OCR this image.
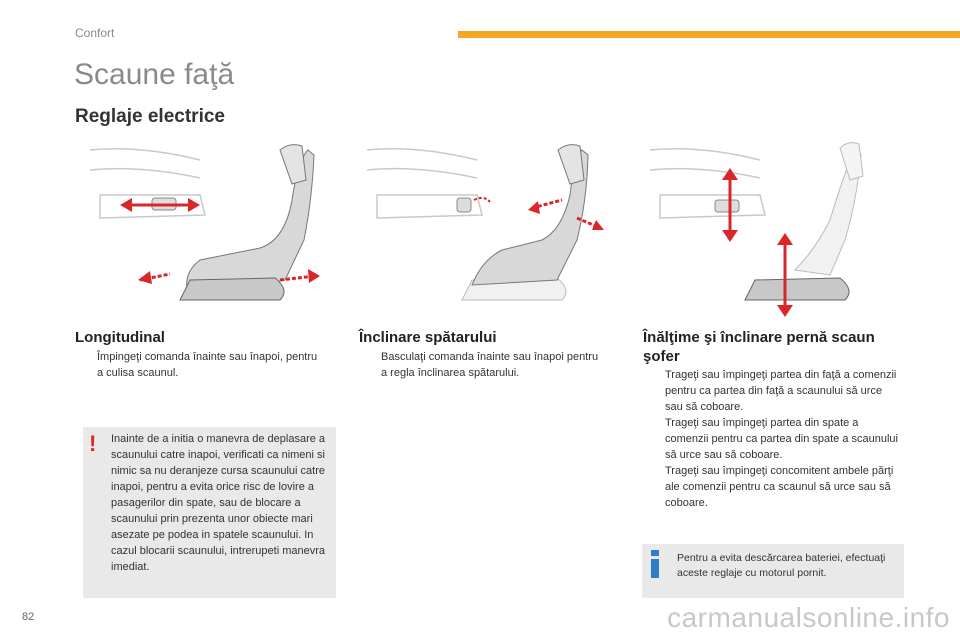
Confort
Scaune faţă
Reglaje electrice
Longitudinal
Împingeţi comanda înainte sau înapoi, pentru a culisa scaunul.
Înclinare spătarului
Basculaţi comanda înainte sau înapoi pentru a regla înclinarea spătarului.
Înălţime şi înclinare pernă scaun şofer
Trageţi sau împingeţi partea din faţă a comenzii pentru ca partea din faţă a scaunului să urce sau să coboare.
Trageţi sau împingeţi partea din spate a comenzii pentru ca partea din spate a scaunului să urce sau să coboare.
Trageţi sau împingeţi concomitent ambele părţi ale comenzii pentru ca scaunul să urce sau să coboare.
! Inainte de a initia o manevra de deplasare a scaunului catre inapoi, verificati ca nimeni si nimic sa nu deranjeze cursa scaunului catre inapoi, pentru a evita orice risc de lovire a pasagerilor din spate, sau de blocare a scaunului prin prezenta unor obiecte mari asezate pe podea in spatele scaunului. In cazul blocarii scaunului, intrerupeti manevra imediat.
Pentru a evita descărcarea bateriei, efectuaţi aceste reglaje cu motorul pornit.
82	carmanualsonline.info
